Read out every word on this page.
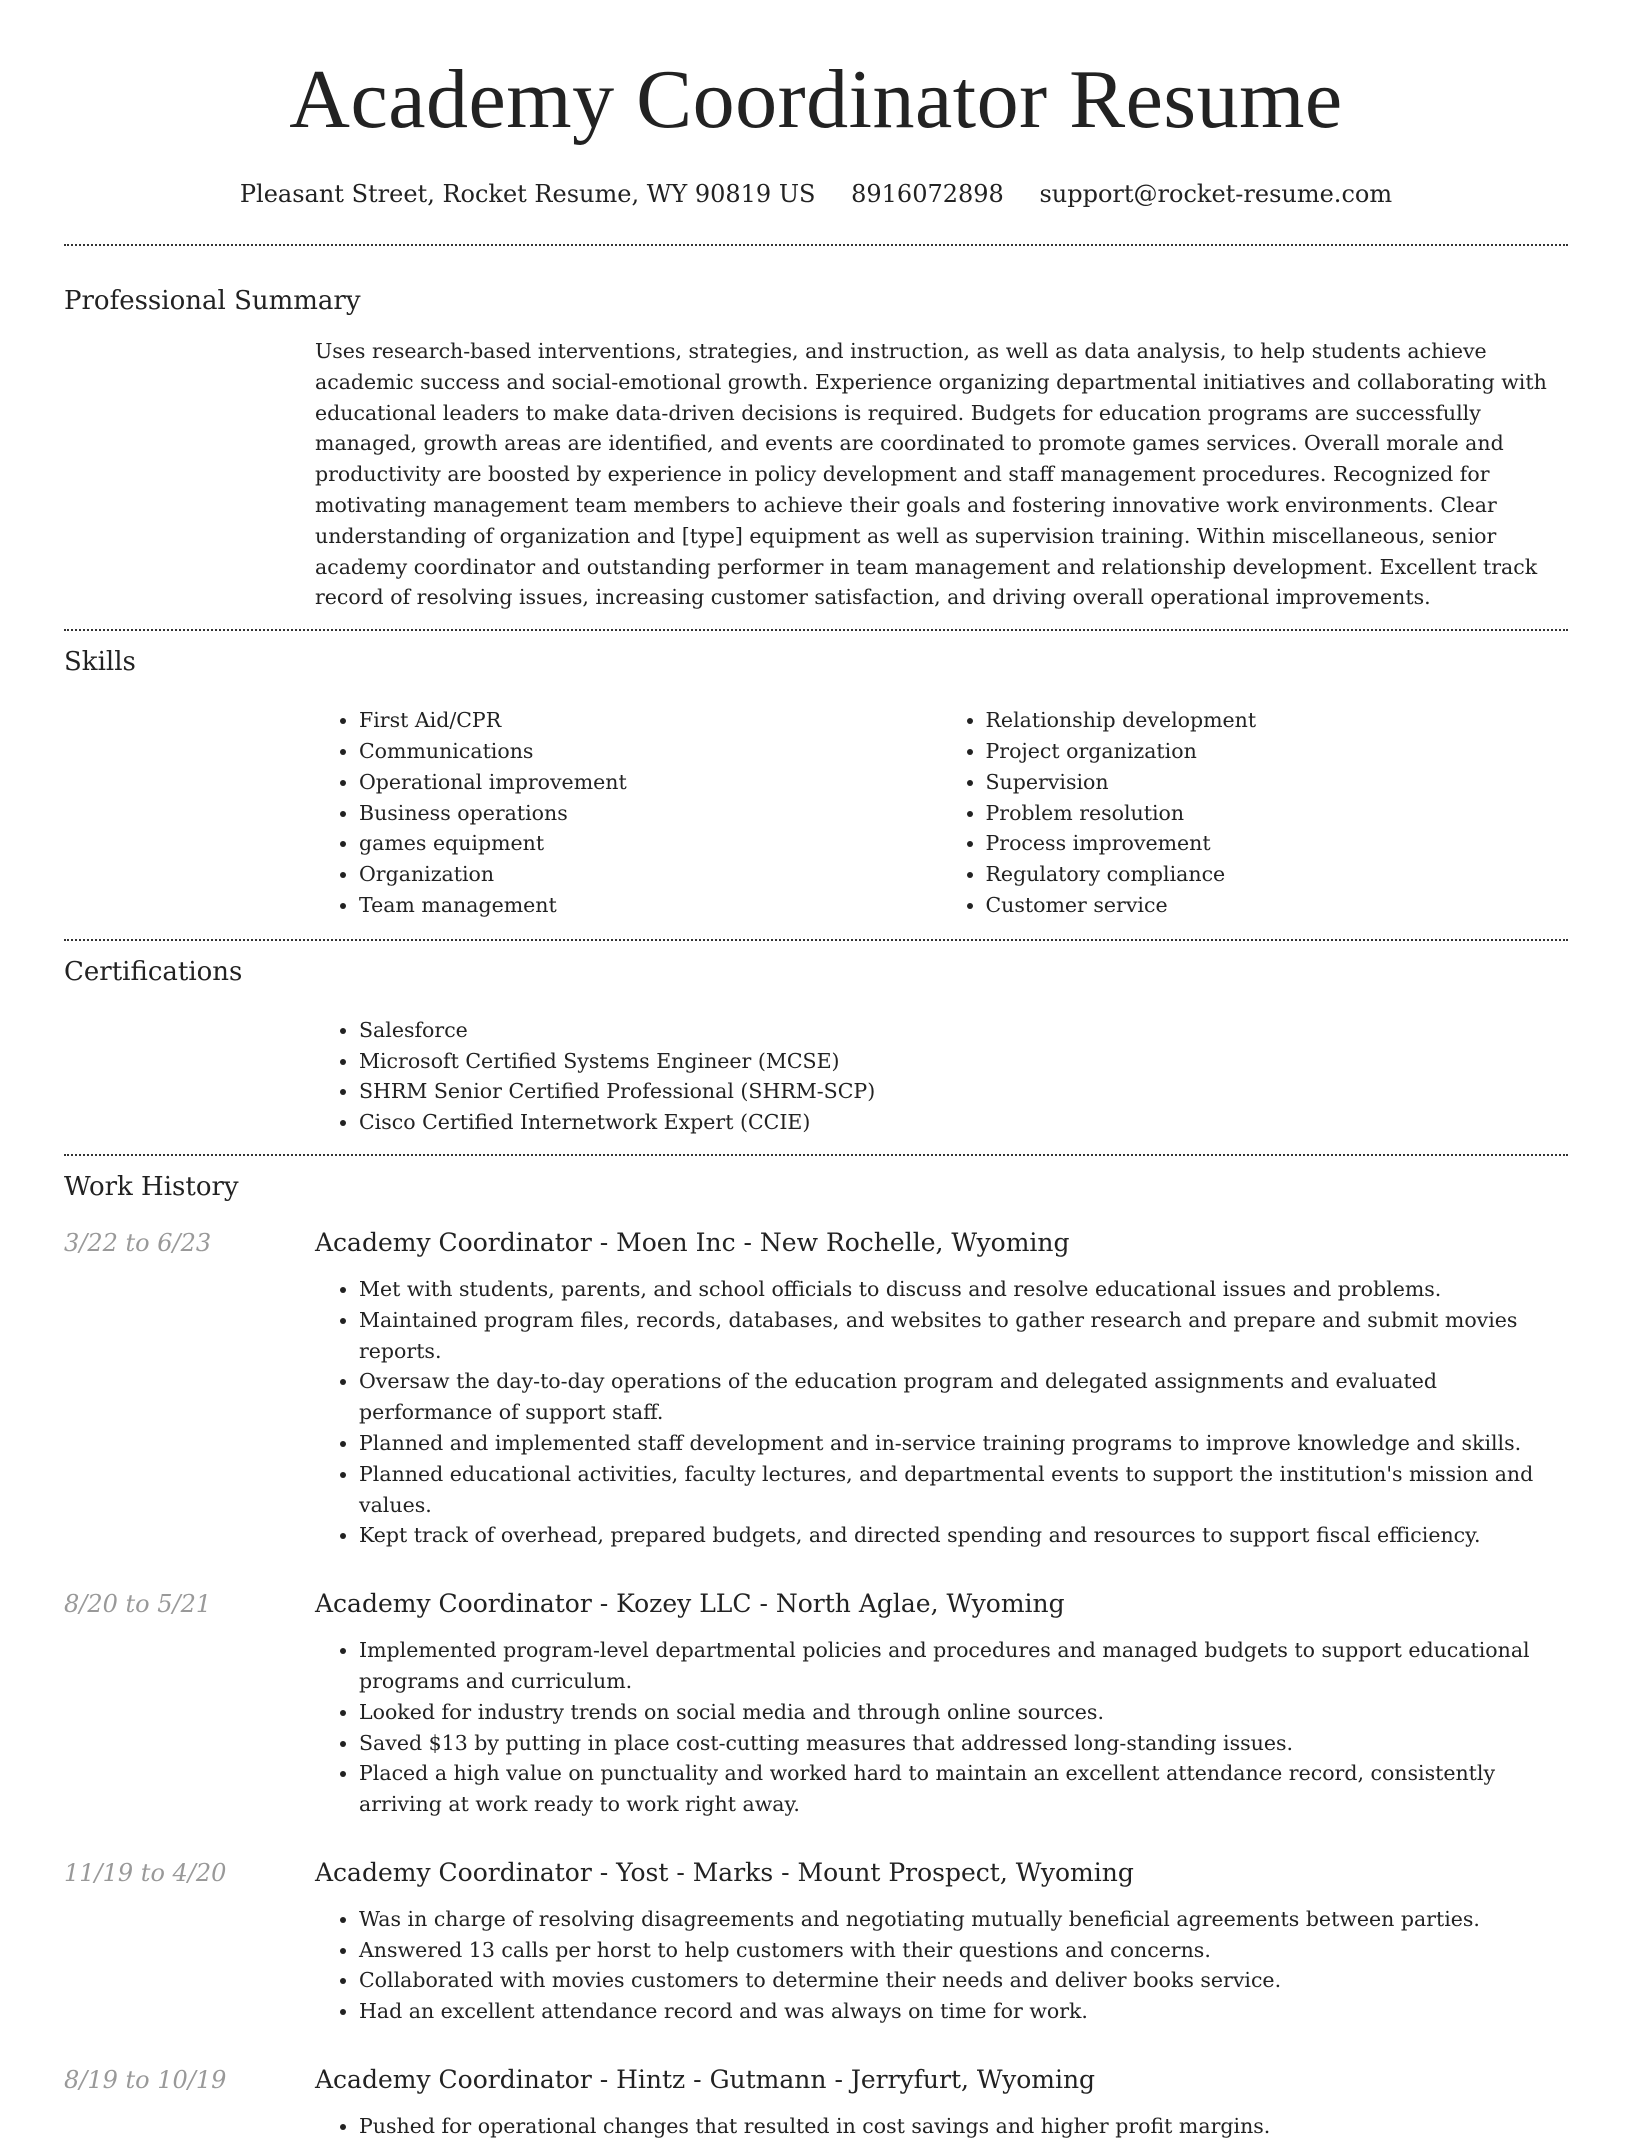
Academy Coordinator Resume
Pleasant Street, Rocket Resume, WY 90819 US 8916072898 support@rocket-resume.com
Professional Summary
Uses research-based interventions, strategies, and instruction, as well as data analysis, to help students achieve academic success and social-emotional growth. Experience organizing departmental initiatives and collaborating with educational leaders to make data-driven decisions is required. Budgets for education programs are successfully managed, growth areas are identified, and events are coordinated to promote games services. Overall morale and productivity are boosted by experience in policy development and staff management procedures. Recognized for motivating management team members to achieve their goals and fostering innovative work environments. Clear understanding of organization and [type] equipment as well as supervision training. Within miscellaneous, senior academy coordinator and outstanding performer in team management and relationship development. Excellent track record of resolving issues, increasing customer satisfaction, and driving overall operational improvements.
Skills
• First Aid/CPR
• Communications
• Operational improvement
• Business operations
• games equipment
• Organization
• Team management
• Relationship development
• Project organization
• Supervision
• Problem resolution
• Process improvement
• Regulatory compliance
• Customer service
Certifications
• Salesforce
• Microsoft Certified Systems Engineer (MCSE)
• SHRM Senior Certified Professional (SHRM-SCP)
• Cisco Certified Internetwork Expert (CCIE)
Work History
3/22 to 6/23	Academy Coordinator - Moen Inc - New Rochelle, Wyoming
• Met with students, parents, and school officials to discuss and resolve educational issues and problems.
• Maintained program files, records, databases, and websites to gather research and prepare and submit movies reports.
• Oversaw the day-to-day operations of the education program and delegated assignments and evaluated performance of support staff.
• Planned and implemented staff development and in-service training programs to improve knowledge and skills.
• Planned educational activities, faculty lectures, and departmental events to support the institution's mission and values.
• Kept track of overhead, prepared budgets, and directed spending and resources to support fiscal efficiency.
8/20 to 5/21	Academy Coordinator - Kozey LLC - North Aglae, Wyoming
• Implemented program-level departmental policies and procedures and managed budgets to support educational programs and curriculum.
• Looked for industry trends on social media and through online sources.
• Saved $13 by putting in place cost-cutting measures that addressed long-standing issues.
• Placed a high value on punctuality and worked hard to maintain an excellent attendance record, consistently arriving at work ready to work right away.
11/19 to 4/20	Academy Coordinator - Yost - Marks - Mount Prospect, Wyoming
• Was in charge of resolving disagreements and negotiating mutually beneficial agreements between parties.
• Answered 13 calls per horst to help customers with their questions and concerns.
• Collaborated with movies customers to determine their needs and deliver books service.
• Had an excellent attendance record and was always on time for work.
8/19 to 10/19	Academy Coordinator - Hintz - Gutmann - Jerryfurt, Wyoming
• Pushed for operational changes that resulted in cost savings and higher profit margins.
